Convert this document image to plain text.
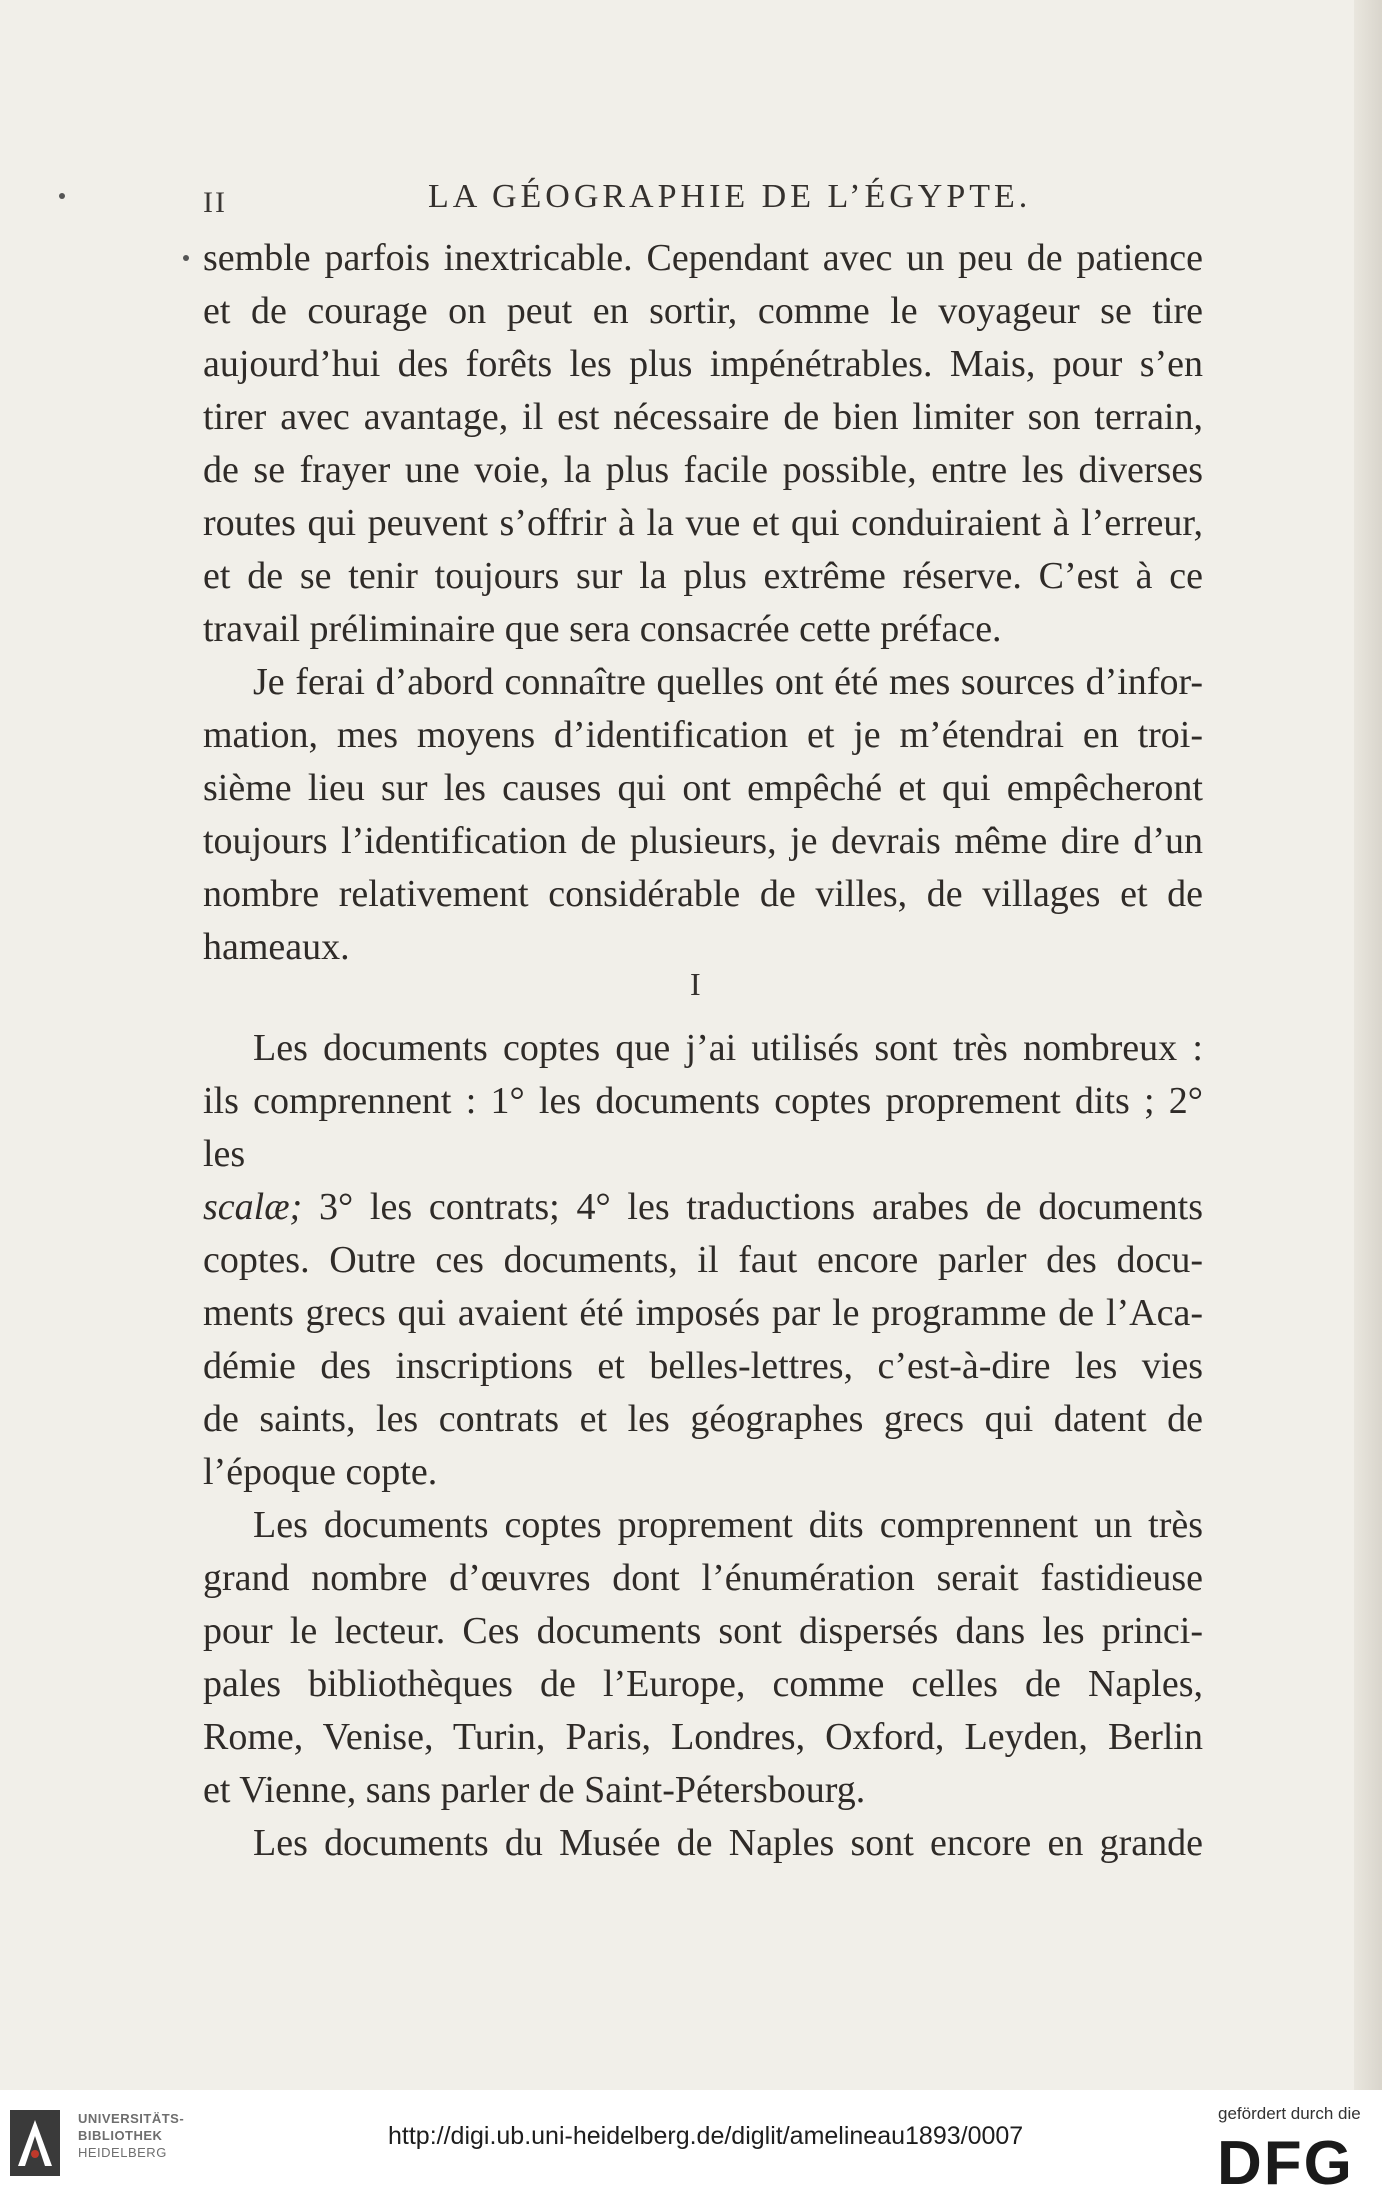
II	LA GÉOGRAPHIE DE L’ÉGYPTE.

semble parfois inextricable. Cependant avec un peu de patience

et de courage on peut en sortir, comme le voyageur se tire

aujourd’hui des forêts les plus impénétrables. Mais, pour s’en

tirer avec avantage, il est nécessaire de bien limiter son terrain,

de se frayer une voie, la plus facile possible, entre les diverses

routes qui peuvent s’offrir à la vue et qui conduiraient à l’erreur,

et de se tenir toujours sur la plus extrême réserve. C’est à ce

travail préliminaire que sera consacrée cette préface.

Je ferai d’abord connaître quelles ont été mes sources d’infor-

mation, mes moyens d’identification et je m’étendrai en troi-

sième lieu sur les causes qui ont empêché et qui empêcheront

toujours l’identification de plusieurs, je devrais même dire d’un

nombre relativement considérable de villes, de villages et de

hameaux.

I

Les documents coptes que j’ai utilisés sont très nombreux :

ils comprennent : 1° les documents coptes proprement dits ; 2° les

scalæ; 3° les contrats; 4° les traductions arabes de documents

coptes. Outre ces documents, il faut encore parler des docu-

ments grecs qui avaient été imposés par le programme de l’Aca-

démie des inscriptions et belles-lettres, c’est-à-dire les vies

de saints, les contrats et les géographes grecs qui datent de

l’époque copte.

Les documents coptes proprement dits comprennent un très

grand nombre d’œuvres dont l’énumération serait fastidieuse

pour le lecteur. Ces documents sont dispersés dans les princi-

pales bibliothèques de l’Europe, comme celles de Naples,

Rome, Venise, Turin, Paris, Londres, Oxford, Leyden, Berlin

et Vienne, sans parler de Saint-Pétersbourg.

Les documents du Musée de Naples sont encore en grande

UNIVERSITÄTS-
BIBLIOTHEK
HEIDELBERG
http://digi.ub.uni-heidelberg.de/diglit/amelineau1893/0007
gefördert durch die
DFG
